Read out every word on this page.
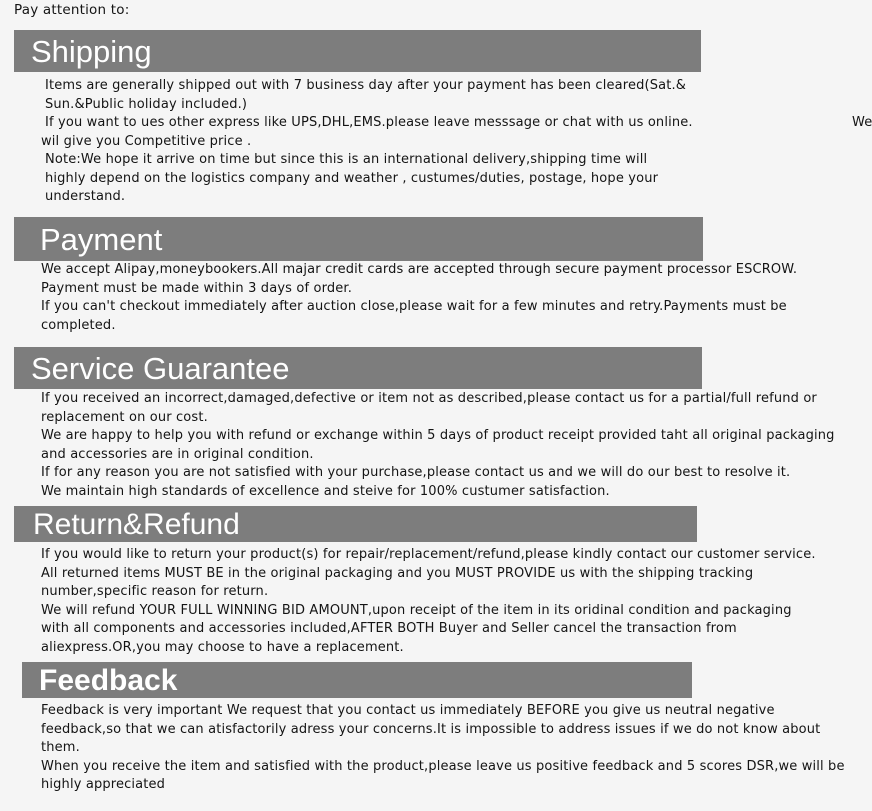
Pay attention to:
Shipping
Items are generally shipped out with 7 business day after your payment has been cleared(Sat.&
Sun.&Public holiday included.)
If you want to ues other express like UPS,DHL,EMS.please leave messsage or chat with us online.	We
wil give you Competitive price .
Note:We hope it arrive on time but since this is an international delivery,shipping time will
highly depend on the logistics company and weather , custumes/duties, postage, hope your
understand.
Payment
We accept Alipay,moneybookers.All majar credit cards are accepted through secure payment processor ESCROW.
Payment must be made within 3 days of order.
If you can't checkout immediately after auction close,please wait for a few minutes and retry.Payments must be
completed.
Service Guarantee
If you received an incorrect,damaged,defective or item not as described,please contact us for a partial/full refund or
replacement on our cost.
We are happy to help you with refund or exchange within 5 days of product receipt provided taht all original packaging
and accessories are in original condition.
If for any reason you are not satisfied with your purchase,please contact us and we will do our best to resolve it.
We maintain high standards of excellence and steive for 100% custumer satisfaction.
Return&Refund
If you would like to return your product(s) for repair/replacement/refund,please kindly contact our customer service.
All returned items MUST BE in the original packaging and you MUST PROVIDE us with the shipping tracking
number,specific reason for return.
We will refund YOUR FULL WINNING BID AMOUNT,upon receipt of the item in its oridinal condition and packaging
with all components and accessories included,AFTER BOTH Buyer and Seller cancel the transaction from
aliexpress.OR,you may choose to have a replacement.
Feedback
Feedback is very important We request that you contact us immediately BEFORE you give us neutral negative
feedback,so that we can atisfactorily adress your concerns.It is impossible to address issues if we do not know about
them.
When you receive the item and satisfied with the product,please leave us positive feedback and 5 scores DSR,we will be
highly appreciated
